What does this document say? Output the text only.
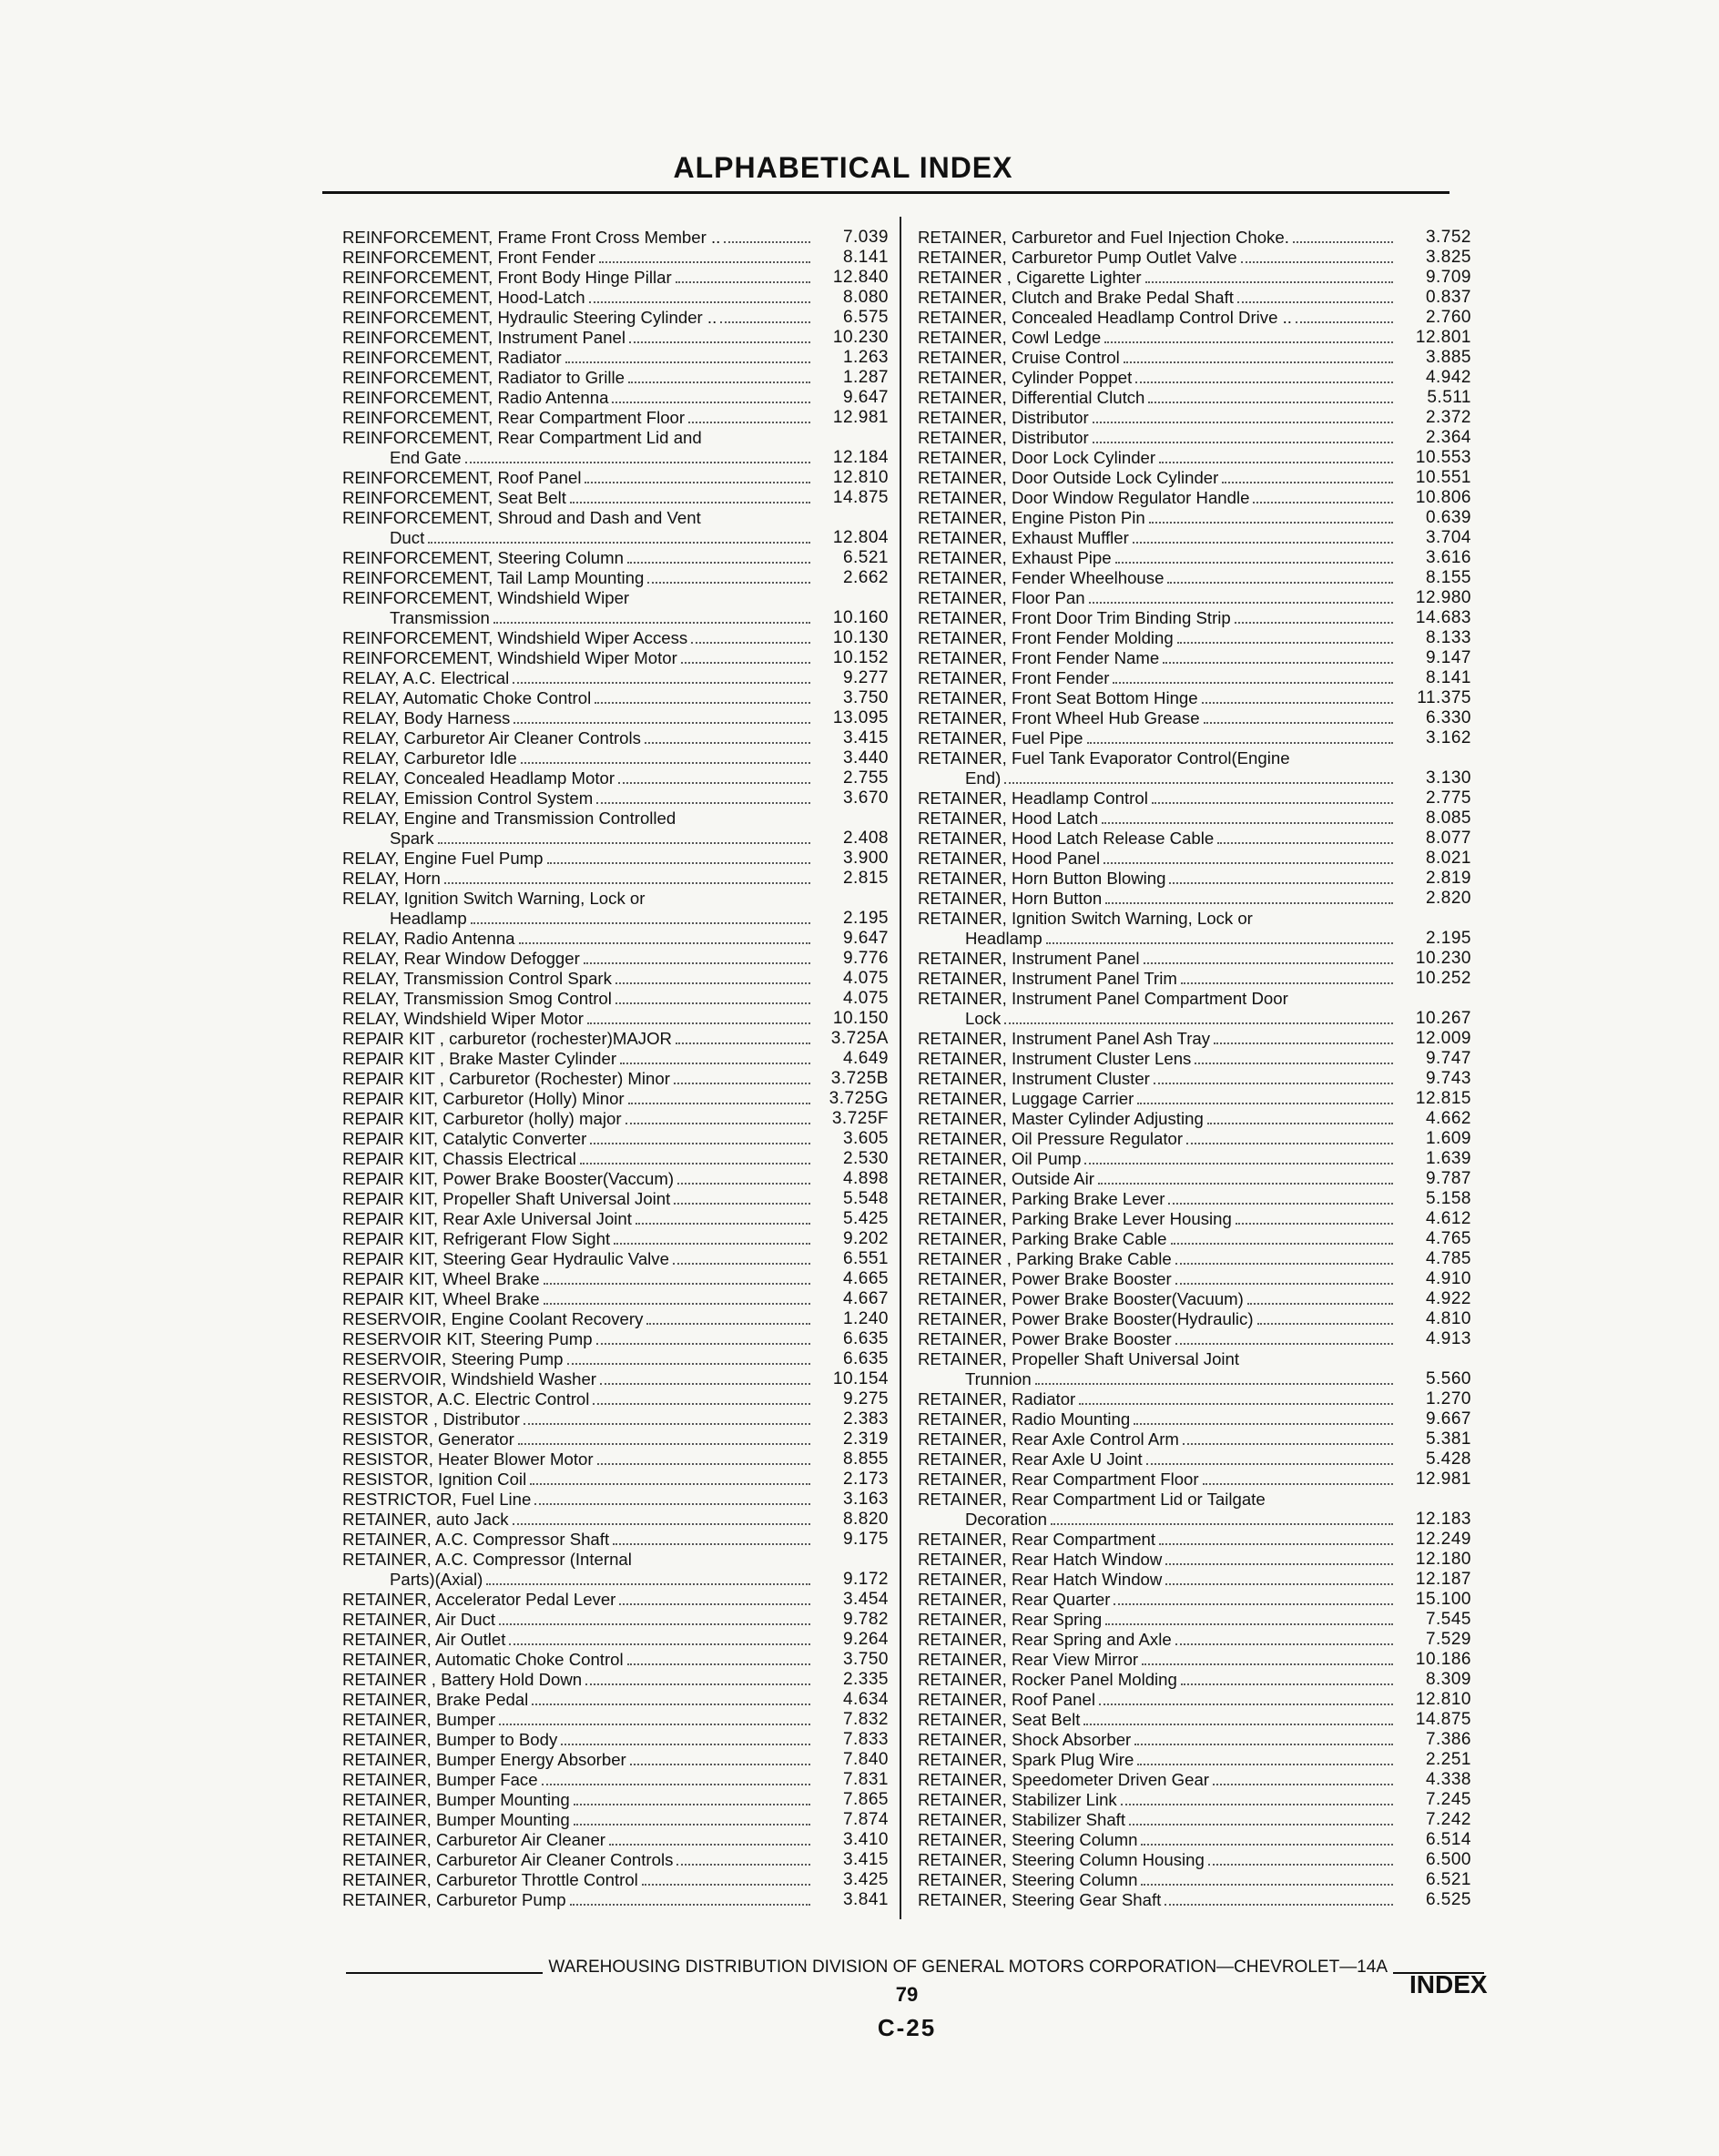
ALPHABETICAL INDEX
REINFORCEMENT, Frame Front Cross Member ..	7.039
REINFORCEMENT, Front Fender	8.141
REINFORCEMENT, Front Body Hinge Pillar	12.840
REINFORCEMENT, Hood-Latch	8.080
REINFORCEMENT, Hydraulic Steering Cylinder ..	6.575
REINFORCEMENT, Instrument Panel	10.230
REINFORCEMENT, Radiator	1.263
REINFORCEMENT, Radiator to Grille	1.287
REINFORCEMENT, Radio Antenna	9.647
REINFORCEMENT, Rear Compartment Floor	12.981
REINFORCEMENT, Rear Compartment Lid and
End Gate	12.184
REINFORCEMENT, Roof Panel	12.810
REINFORCEMENT, Seat Belt	14.875
REINFORCEMENT, Shroud and Dash and Vent
Duct	12.804
REINFORCEMENT, Steering Column	6.521
REINFORCEMENT, Tail Lamp Mounting	2.662
REINFORCEMENT, Windshield Wiper
Transmission	10.160
REINFORCEMENT, Windshield Wiper Access	10.130
REINFORCEMENT, Windshield Wiper Motor	10.152
RELAY, A.C. Electrical	9.277
RELAY, Automatic Choke Control	3.750
RELAY, Body Harness	13.095
RELAY, Carburetor Air Cleaner Controls	3.415
RELAY, Carburetor Idle	3.440
RELAY, Concealed Headlamp Motor	2.755
RELAY, Emission Control System	3.670
RELAY, Engine and Transmission Controlled
Spark	2.408
RELAY, Engine Fuel Pump	3.900
RELAY, Horn	2.815
RELAY, Ignition Switch Warning, Lock or
Headlamp	2.195
RELAY, Radio Antenna	9.647
RELAY, Rear Window Defogger	9.776
RELAY, Transmission Control Spark	4.075
RELAY, Transmission Smog Control	4.075
RELAY, Windshield Wiper Motor	10.150
REPAIR KIT , carburetor (rochester)MAJOR	3.725A
REPAIR KIT , Brake Master Cylinder	4.649
REPAIR KIT , Carburetor (Rochester) Minor	3.725B
REPAIR KIT, Carburetor (Holly) Minor	3.725G
REPAIR KIT, Carburetor (holly) major	3.725F
REPAIR KIT, Catalytic Converter	3.605
REPAIR KIT, Chassis Electrical	2.530
REPAIR KIT, Power Brake Booster(Vaccum)	4.898
REPAIR KIT, Propeller Shaft Universal Joint	5.548
REPAIR KIT, Rear Axle Universal Joint	5.425
REPAIR KIT, Refrigerant Flow Sight	9.202
REPAIR KIT, Steering Gear Hydraulic Valve	6.551
REPAIR KIT, Wheel Brake	4.665
REPAIR KIT, Wheel Brake	4.667
RESERVOIR, Engine Coolant Recovery	1.240
RESERVOIR KIT, Steering Pump	6.635
RESERVOIR, Steering Pump	6.635
RESERVOIR, Windshield Washer	10.154
RESISTOR, A.C. Electric Control	9.275
RESISTOR , Distributor	2.383
RESISTOR, Generator	2.319
RESISTOR, Heater Blower Motor	8.855
RESISTOR, Ignition Coil	2.173
RESTRICTOR, Fuel Line	3.163
RETAINER, auto Jack	8.820
RETAINER, A.C. Compressor Shaft	9.175
RETAINER, A.C. Compressor (Internal
Parts)(Axial)	9.172
RETAINER, Accelerator Pedal Lever	3.454
RETAINER, Air Duct	9.782
RETAINER, Air Outlet	9.264
RETAINER, Automatic Choke Control	3.750
RETAINER , Battery Hold Down	2.335
RETAINER, Brake Pedal	4.634
RETAINER, Bumper	7.832
RETAINER, Bumper to Body	7.833
RETAINER, Bumper Energy Absorber	7.840
RETAINER, Bumper Face	7.831
RETAINER, Bumper Mounting	7.865
RETAINER, Bumper Mounting	7.874
RETAINER, Carburetor Air Cleaner	3.410
RETAINER, Carburetor Air Cleaner Controls	3.415
RETAINER, Carburetor Throttle Control	3.425
RETAINER, Carburetor Pump	3.841
RETAINER, Carburetor and Fuel Injection Choke.	3.752
RETAINER, Carburetor Pump Outlet Valve	3.825
RETAINER , Cigarette Lighter	9.709
RETAINER, Clutch and Brake Pedal Shaft	0.837
RETAINER, Concealed Headlamp Control Drive ..	2.760
RETAINER, Cowl Ledge	12.801
RETAINER, Cruise Control	3.885
RETAINER, Cylinder Poppet	4.942
RETAINER, Differential Clutch	5.511
RETAINER, Distributor	2.372
RETAINER, Distributor	2.364
RETAINER, Door Lock Cylinder	10.553
RETAINER, Door Outside Lock Cylinder	10.551
RETAINER, Door Window Regulator Handle	10.806
RETAINER, Engine Piston Pin	0.639
RETAINER, Exhaust Muffler	3.704
RETAINER, Exhaust Pipe	3.616
RETAINER, Fender Wheelhouse	8.155
RETAINER, Floor Pan	12.980
RETAINER, Front Door Trim Binding Strip	14.683
RETAINER, Front Fender Molding	8.133
RETAINER, Front Fender Name	9.147
RETAINER, Front Fender	8.141
RETAINER, Front Seat Bottom Hinge	11.375
RETAINER, Front Wheel Hub Grease	6.330
RETAINER, Fuel Pipe	3.162
RETAINER, Fuel Tank Evaporator Control(Engine
End)	3.130
RETAINER, Headlamp Control	2.775
RETAINER, Hood Latch	8.085
RETAINER, Hood Latch Release Cable	8.077
RETAINER, Hood Panel	8.021
RETAINER, Horn Button Blowing	2.819
RETAINER, Horn Button	2.820
RETAINER, Ignition Switch Warning, Lock or
Headlamp	2.195
RETAINER, Instrument Panel	10.230
RETAINER, Instrument Panel Trim	10.252
RETAINER, Instrument Panel Compartment Door
Lock	10.267
RETAINER, Instrument Panel Ash Tray	12.009
RETAINER, Instrument Cluster Lens	9.747
RETAINER, Instrument Cluster	9.743
RETAINER, Luggage Carrier	12.815
RETAINER, Master Cylinder Adjusting	4.662
RETAINER, Oil Pressure Regulator	1.609
RETAINER, Oil Pump	1.639
RETAINER, Outside Air	9.787
RETAINER, Parking Brake Lever	5.158
RETAINER, Parking Brake Lever Housing	4.612
RETAINER, Parking Brake Cable	4.765
RETAINER , Parking Brake Cable	4.785
RETAINER, Power Brake Booster	4.910
RETAINER, Power Brake Booster(Vacuum)	4.922
RETAINER, Power Brake Booster(Hydraulic)	4.810
RETAINER, Power Brake Booster	4.913
RETAINER, Propeller Shaft Universal Joint
Trunnion	5.560
RETAINER, Radiator	1.270
RETAINER, Radio Mounting	9.667
RETAINER, Rear Axle Control Arm	5.381
RETAINER, Rear Axle U Joint	5.428
RETAINER, Rear Compartment Floor	12.981
RETAINER, Rear Compartment Lid or Tailgate
Decoration	12.183
RETAINER, Rear Compartment	12.249
RETAINER, Rear Hatch Window	12.180
RETAINER, Rear Hatch Window	12.187
RETAINER, Rear Quarter	15.100
RETAINER, Rear Spring	7.545
RETAINER, Rear Spring and Axle	7.529
RETAINER, Rear View Mirror	10.186
RETAINER, Rocker Panel Molding	8.309
RETAINER, Roof Panel	12.810
RETAINER, Seat Belt	14.875
RETAINER, Shock Absorber	7.386
RETAINER, Spark Plug Wire	2.251
RETAINER, Speedometer Driven Gear	4.338
RETAINER, Stabilizer Link	7.245
RETAINER, Stabilizer Shaft	7.242
RETAINER, Steering Column	6.514
RETAINER, Steering Column Housing	6.500
RETAINER, Steering Column	6.521
RETAINER, Steering Gear Shaft	6.525
WAREHOUSING DISTRIBUTION DIVISION OF GENERAL MOTORS CORPORATION—CHEVROLET—14A
INDEX
79
C-25
